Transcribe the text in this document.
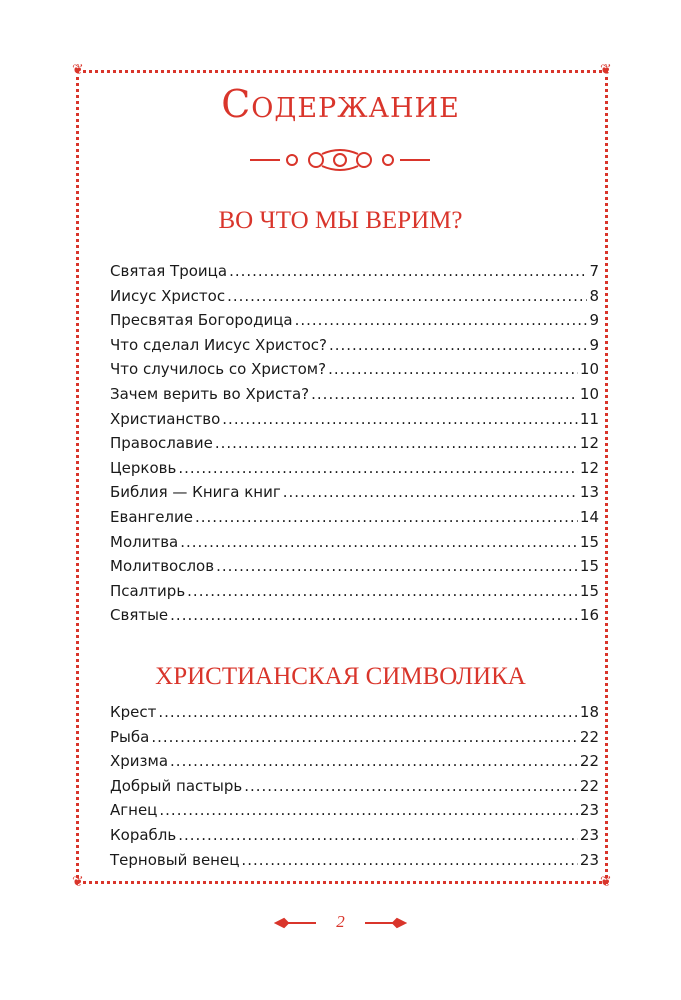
❦	❦
❦	❦
Содержание
ВО ЧТО МЫ ВЕРИМ?
Святая Троица .....	7
Иисус Христос .....	8
Пресвятая Богородица .....	9
Что сделал Иисус Христос? .....	9
Что случилось со Христом? .....	10
Зачем верить во Христа? .....	10
Христианство .....	11
Православие .....	12
Церковь .....	12
Библия — Книга книг .....	13
Евангелие .....	14
Молитва .....	15
Молитвослов .....	15
Псалтирь .....	15
Святые .....	16
ХРИСТИАНСКАЯ СИМВОЛИКА
Крест .....	18
Рыба .....	22
Хризма .....	22
Добрый пастырь .....	22
Агнец .....	23
Корабль .....	23
Терновый венец .....	23
2
